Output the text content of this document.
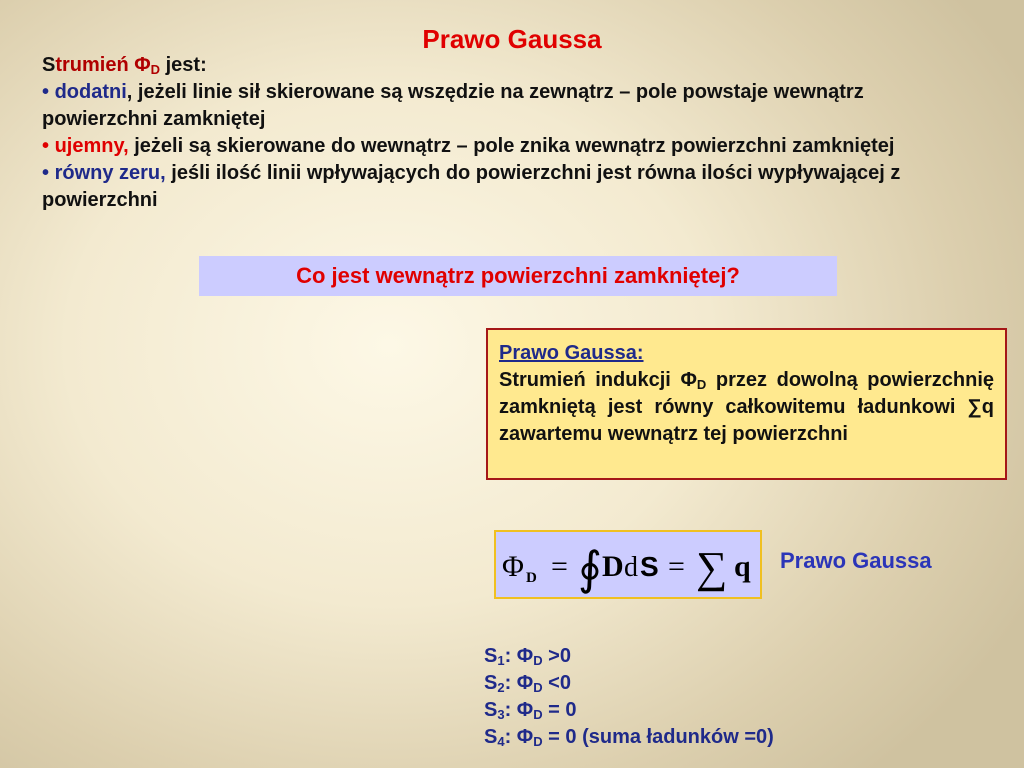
Prawo Gaussa
Strumień $\Phi_D$ jest:
• dodatni, jeżeli linie sił skierowane są wszędzie na zewnątrz – pole powstaje wewnątrz powierzchni zamkniętej
• ujemny, jeżeli są skierowane do wewnątrz – pole znika wewnątrz powierzchni zamkniętej
• równy zeru, jeśli ilość linii wpływających do powierzchni jest równa ilości wypływającej z powierzchni
Co jest wewnątrz powierzchni zamkniętej?
Prawo Gaussa:
Strumień indukcji $\Phi_D$ przez dowolną powierzchnię zamkniętą jest równy całkowitemu ładunkowi ∑q zawartemu wewnątrz tej powierzchni
Φ D = ∮ D d S = ∑ q Prawo Gaussa
$S_1$: $\Phi_D >0$
$S_2$: $\Phi_D <0$
$S_3$: $\Phi_D = 0$
$S_4$: $\Phi_D = 0$ (suma ładunków =0)
